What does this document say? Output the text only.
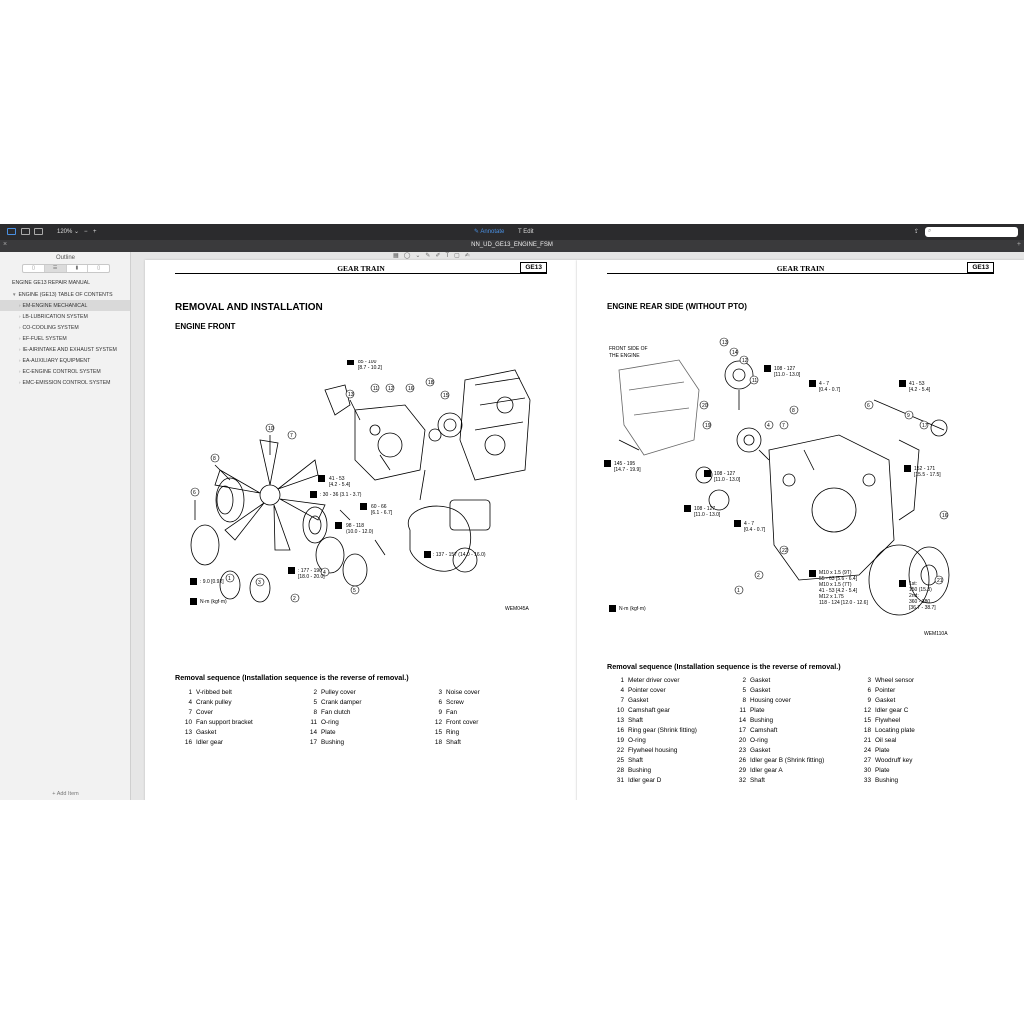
120% ⌄ − +	✎ Annotate T Edit	⇪ ⌕
×	NN_UD_GE13_ENGINE_FSM	+
Outline
▯	☰	▮	▯
ENGINE GE13 REPAIR MANUAL
▼ ENGINE (GE13) TABLE OF CONTENTS
› EM-ENGINE MECHANICAL
› LB-LUBRICATION SYSTEM
› CO-COOLING SYSTEM
› EF-FUEL SYSTEM
› IE-AIRINTAKE AND EXHAUST SYSTEM
› EA-AUXILIARY EQUIPMENT
› EC-ENGINE CONTROL SYSTEM
› EMC-EMISSION CONTROL SYSTEM
+ Add Item
▦◯⌄✎✐T▢✍
GEAR TRAIN	GE13
REMOVAL AND INSTALLATION
ENGINE FRONT
6
8
10
7
13
11 12	16
18
15
1
3
2
4
5
85 - 100
[8.7 - 10.2]
41 - 53
[4.2 - 5.4]
: 30 - 36 (3.1 - 3.7)
60 - 66
[6.1 - 6.7]
98 - 118
(10.0 - 12.0)
: 137 - 157 (14.0 - 16.0)
: 177 - 196
[18.0 - 20.0]
: 9.0 [0.92]
N·m (kgf·m)
WEM045A
Removal sequence (Installation sequence is the reverse of removal.)
1 V-ribbed belt	2 Pulley cover	3 Noise cover
4 Crank pulley	5 Crank damper	6 Screw
7 Cover	8 Fan clutch	9 Fan
10 Fan support bracket	11 O-ring	12 Front cover
13 Gasket	14 Plate	15 Ring
16 Idler gear	17 Bushing	18 Shaft
GEAR TRAIN	GE13
ENGINE REAR SIDE (WITHOUT PTO)
FRONT SIDE OF
THE ENGINE
13
14
12
11
20
19	4 7
8
6
9
17
22
2
1
16
21
108 - 127
[11.0 - 13.0]
4 - 7
[0.4 - 0.7]
41 - 53
[4.2 - 5.4]
145 - 195
[14.7 - 19.9]
108 - 127
[11.0 - 13.0]
152 - 171
[15.5 - 17.5]
108 - 127
[11.0 - 13.0]
4 - 7
[0.4 - 0.7]
M10 x 1.5 (9T)
55 - 63 [5.6 - 6.4]
M10 x 1.5 (7T)
41 - 53 [4.2 - 5.4]
M12 x 1.75
118 - 124 [12.0 - 12.6]
1st:
150 (15.3)
2nd:
360 - 380
[36.7 - 38.7]
N·m (kgf·m)
WEM110A
Removal sequence (Installation sequence is the reverse of removal.)
1 Meter driver cover	2 Gasket	3 Wheel sensor
4 Pointer cover	5 Gasket	6 Pointer
7 Gasket	8 Housing cover	9 Gasket
10 Camshaft gear	11 Plate	12 Idler gear C
13 Shaft	14 Bushing	15 Flywheel
16 Ring gear (Shrink fitting)	17 Camshaft	18 Locating plate
19 O-ring	20 O-ring	21 Oil seal
22 Flywheel housing	23 Gasket	24 Plate
25 Shaft	26 Idler gear B (Shrink fitting)	27 Woodruff key
28 Bushing	29 Idler gear A	30 Plate
31 Idler gear D	32 Shaft	33 Bushing
